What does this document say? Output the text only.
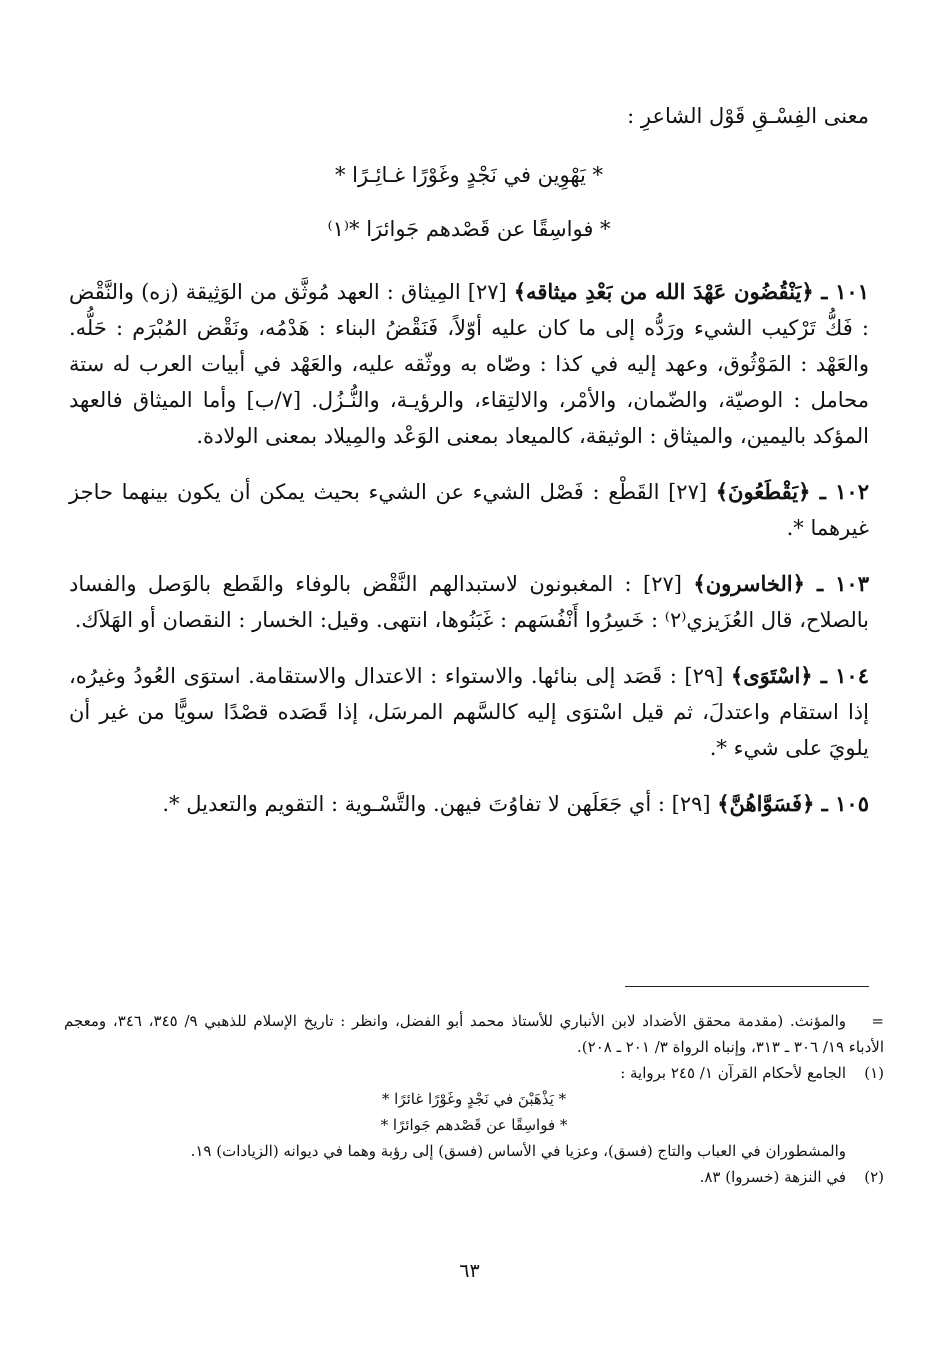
معنى الفِسْـقِ قَوْل الشاعرِ :

* يَهْوِين في نَجْدٍ وغَوْرًا غـائِـرًا *

* فواسِقًا عن قَصْدهم جَوائرَا *⁽١⁾

١٠١ ـ ﴿يَنْقُضُون عَهْدَ الله من بَعْدِ ميثاقه﴾ [٢٧] المِيثاق : العهد مُوثَّق من الوَثِيقة (زه) والنَّقْض : فَكُّ تَرْكيب الشيء ورَدُّه إلى ما كان عليه أوّلاً، فَنَقْضُ البناء : هَدْمُه، ونَقْض المُبْرَم : حَلُّه. والعَهْد : المَوْثُوق، وعهد إليه في كذا : وصّاه به ووثّقه عليه، والعَهْد في أبيات العرب له ستة محامل : الوصيّة، والضّمان، والأمْر، والالتِقاء، والرؤيـة، والنُّـزُل. [٧/ب] وأما الميثاق فالعهد المؤكد باليمين، والميثاق : الوثيقة، كالميعاد بمعنى الوَعْد والمِيلاد بمعنى الولادة.

١٠٢ ـ ﴿يَقْطَعُونَ﴾ [٢٧] القَطْع : فَصْل الشيء عن الشيء بحيث يمكن أن يكون بينهما حاجز غيرهما *.

١٠٣ ـ ﴿الخاسرون﴾ [٢٧] : المغبونون لاستبدالهم النَّقْض بالوفاء والقَطع بالوَصل والفساد بالصلاح، قال العُزَيزي⁽٢⁾ : خَسِرُوا أَنْفُسَهم : غَبَنُوها، انتهى. وقيل: الخسار : النقصان أو الهَلاَك.

١٠٤ ـ ﴿اسْتَوَى﴾ [٢٩] : قَصَد إلى بنائها. والاستواء : الاعتدال والاستقامة. استوَى العُودُ وغيرُه، إذا استقام واعتدلَ، ثم قيل اسْتوَى إليه كالسَّهم المرسَل، إذا قَصَده قصْدًا سويًّا من غير أن يلويَ على شيء *.

١٠٥ ـ ﴿فَسَوَّاهُنَّ﴾ [٢٩] : أي جَعَلَهن لا تفاوُتَ فيهن. والتَّسْـوية : التقويم والتعديل *.

=والمؤنث. (مقدمة محقق الأضداد لابن الأنباري للأستاذ محمد أبو الفضل، وانظر : تاريخ الإسلام للذهبي ٩/ ٣٤٥، ٣٤٦، ومعجم الأدباء ١٩/ ٣٠٦ ـ ٣١٣، وإنباه الرواة ٣/ ٢٠١ ـ ٢٠٨).

(١)الجامع لأحكام القرآن ١/ ٢٤٥ برواية :

* يَذْهَبْنَ في نَجْدٍ وغَوْرًا غائرًا *

* فواسِقًا عن قَصْدهم جَوائرًا *

والمشطوران في العباب والتاج (فسق)، وعزيا في الأساس (فسق) إلى رؤبة وهما في ديوانه (الزيادات) ١٩.

(٢)في النزهة (خسروا) ٨٣.

٦٣
